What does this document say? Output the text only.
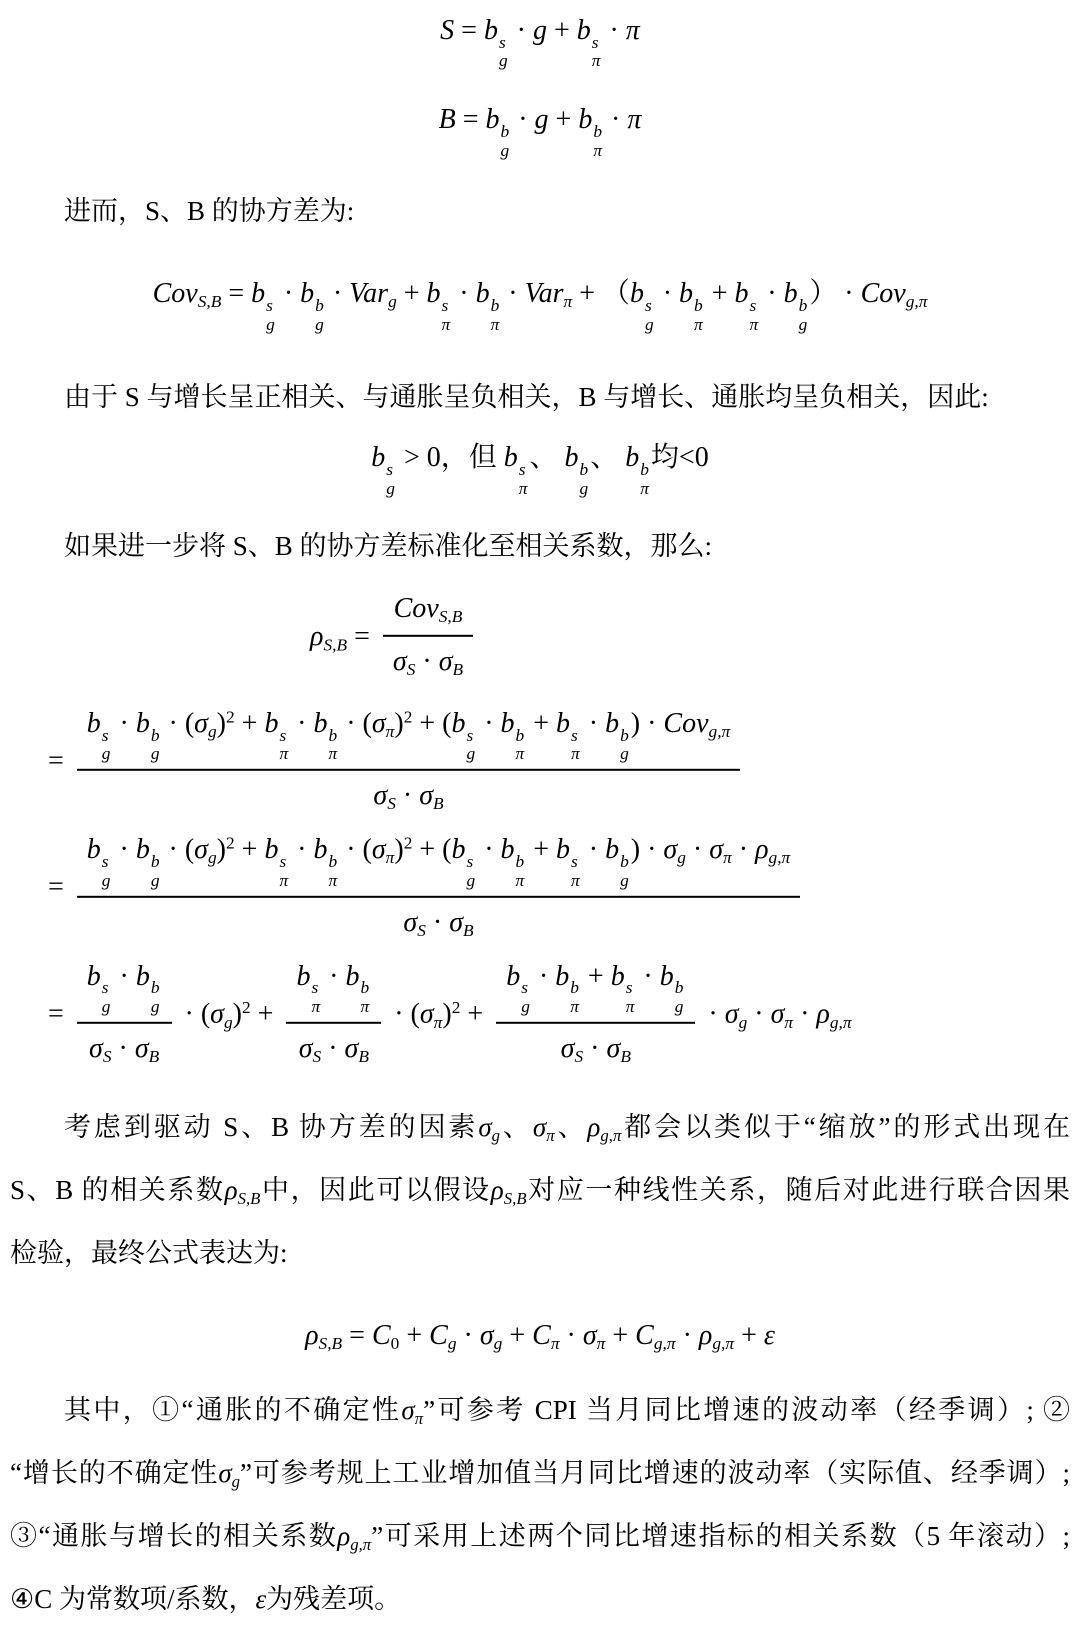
S = b s
g
· g + b s
π
· π
B = b b
g
· g + b b
π
· π
进而，S、B 的协方差为:
Cov$_{S,B}$ = b s
g
· b b
g
· Var$_g$ + b s
π
· b b
π
· Var$_\pi$ + （b s
g
· b b
π
+ b s
π
· b b
g
） · Cov$_{g,\pi}$
由于 S 与增长呈正相关、与通胀呈负相关，B 与增长、通胀均呈负相关，因此:
b s
g
> 0，但 b s
π
、 b b
g
、 b b
π
均<0
如果进一步将 S、B 的协方差标准化至相关系数，那么:
$\rho_{S,B} = \frac{Cov_{S,B}}{\sigma_S \cdot \sigma_B}$
=
b s
g
· b b
g
· $(\sigma_g)^2 + b$ s
π
· b b
π
· $(\sigma_\pi)^2 + (b$ s
g
· b b
π
+ b s
π
· b b
g
) · Cov$_{g,\pi}$
$\sigma_S \cdot \sigma_B$
=
b s
g
· b b
g
· $(\sigma_g)^2 + b$ s
π
· b b
π
· $(\sigma_\pi)^2 + (b$ s
g
· b b
π
+ b s
π
· b b
g
) · $\sigma_g \cdot \sigma_\pi \cdot \rho_{g,\pi}$
$\sigma_S \cdot \sigma_B$
= b s
g
· b b
g
$\sigma_S \cdot \sigma_B \cdot (\sigma_g)^2 + b$ s
π
· b b
π
$\sigma_S \cdot \sigma_B \cdot (\sigma_\pi)^2 + b$ s
g
· b b
π
+ b s
π
· b b
g
$\sigma_S \cdot \sigma_B \cdot \sigma_g \cdot \sigma_\pi \cdot \rho_{g,\pi}$
考虑到驱动 S、B 协方差的因素$\sigma_g$、$\sigma_\pi$、$\rho_{g,\pi}$都会以类似于“缩放”的形式出现在
S、B 的相关系数$\rho_{S,B}$中，因此可以假设$\rho_{S,B}$对应一种线性关系，随后对此进行联合因果
检验，最终公式表达为:
$\rho_{S,B} = C_0 + C_g \cdot \sigma_g + C_\pi \cdot \sigma_\pi + C_{g,\pi} \cdot \rho_{g,\pi} + \varepsilon$
其中，①“通胀的不确定性$\sigma_\pi$”可参考 CPI 当月同比增速的波动率（经季调）; ②
“增长的不确定性$\sigma_g$”可参考规上工业增加值当月同比增速的波动率（实际值、经季调）;
③“通胀与增长的相关系数$\rho_{g,\pi}$”可采用上述两个同比增速指标的相关系数（5 年滚动）;
④C 为常数项/系数，ε为残差项。
